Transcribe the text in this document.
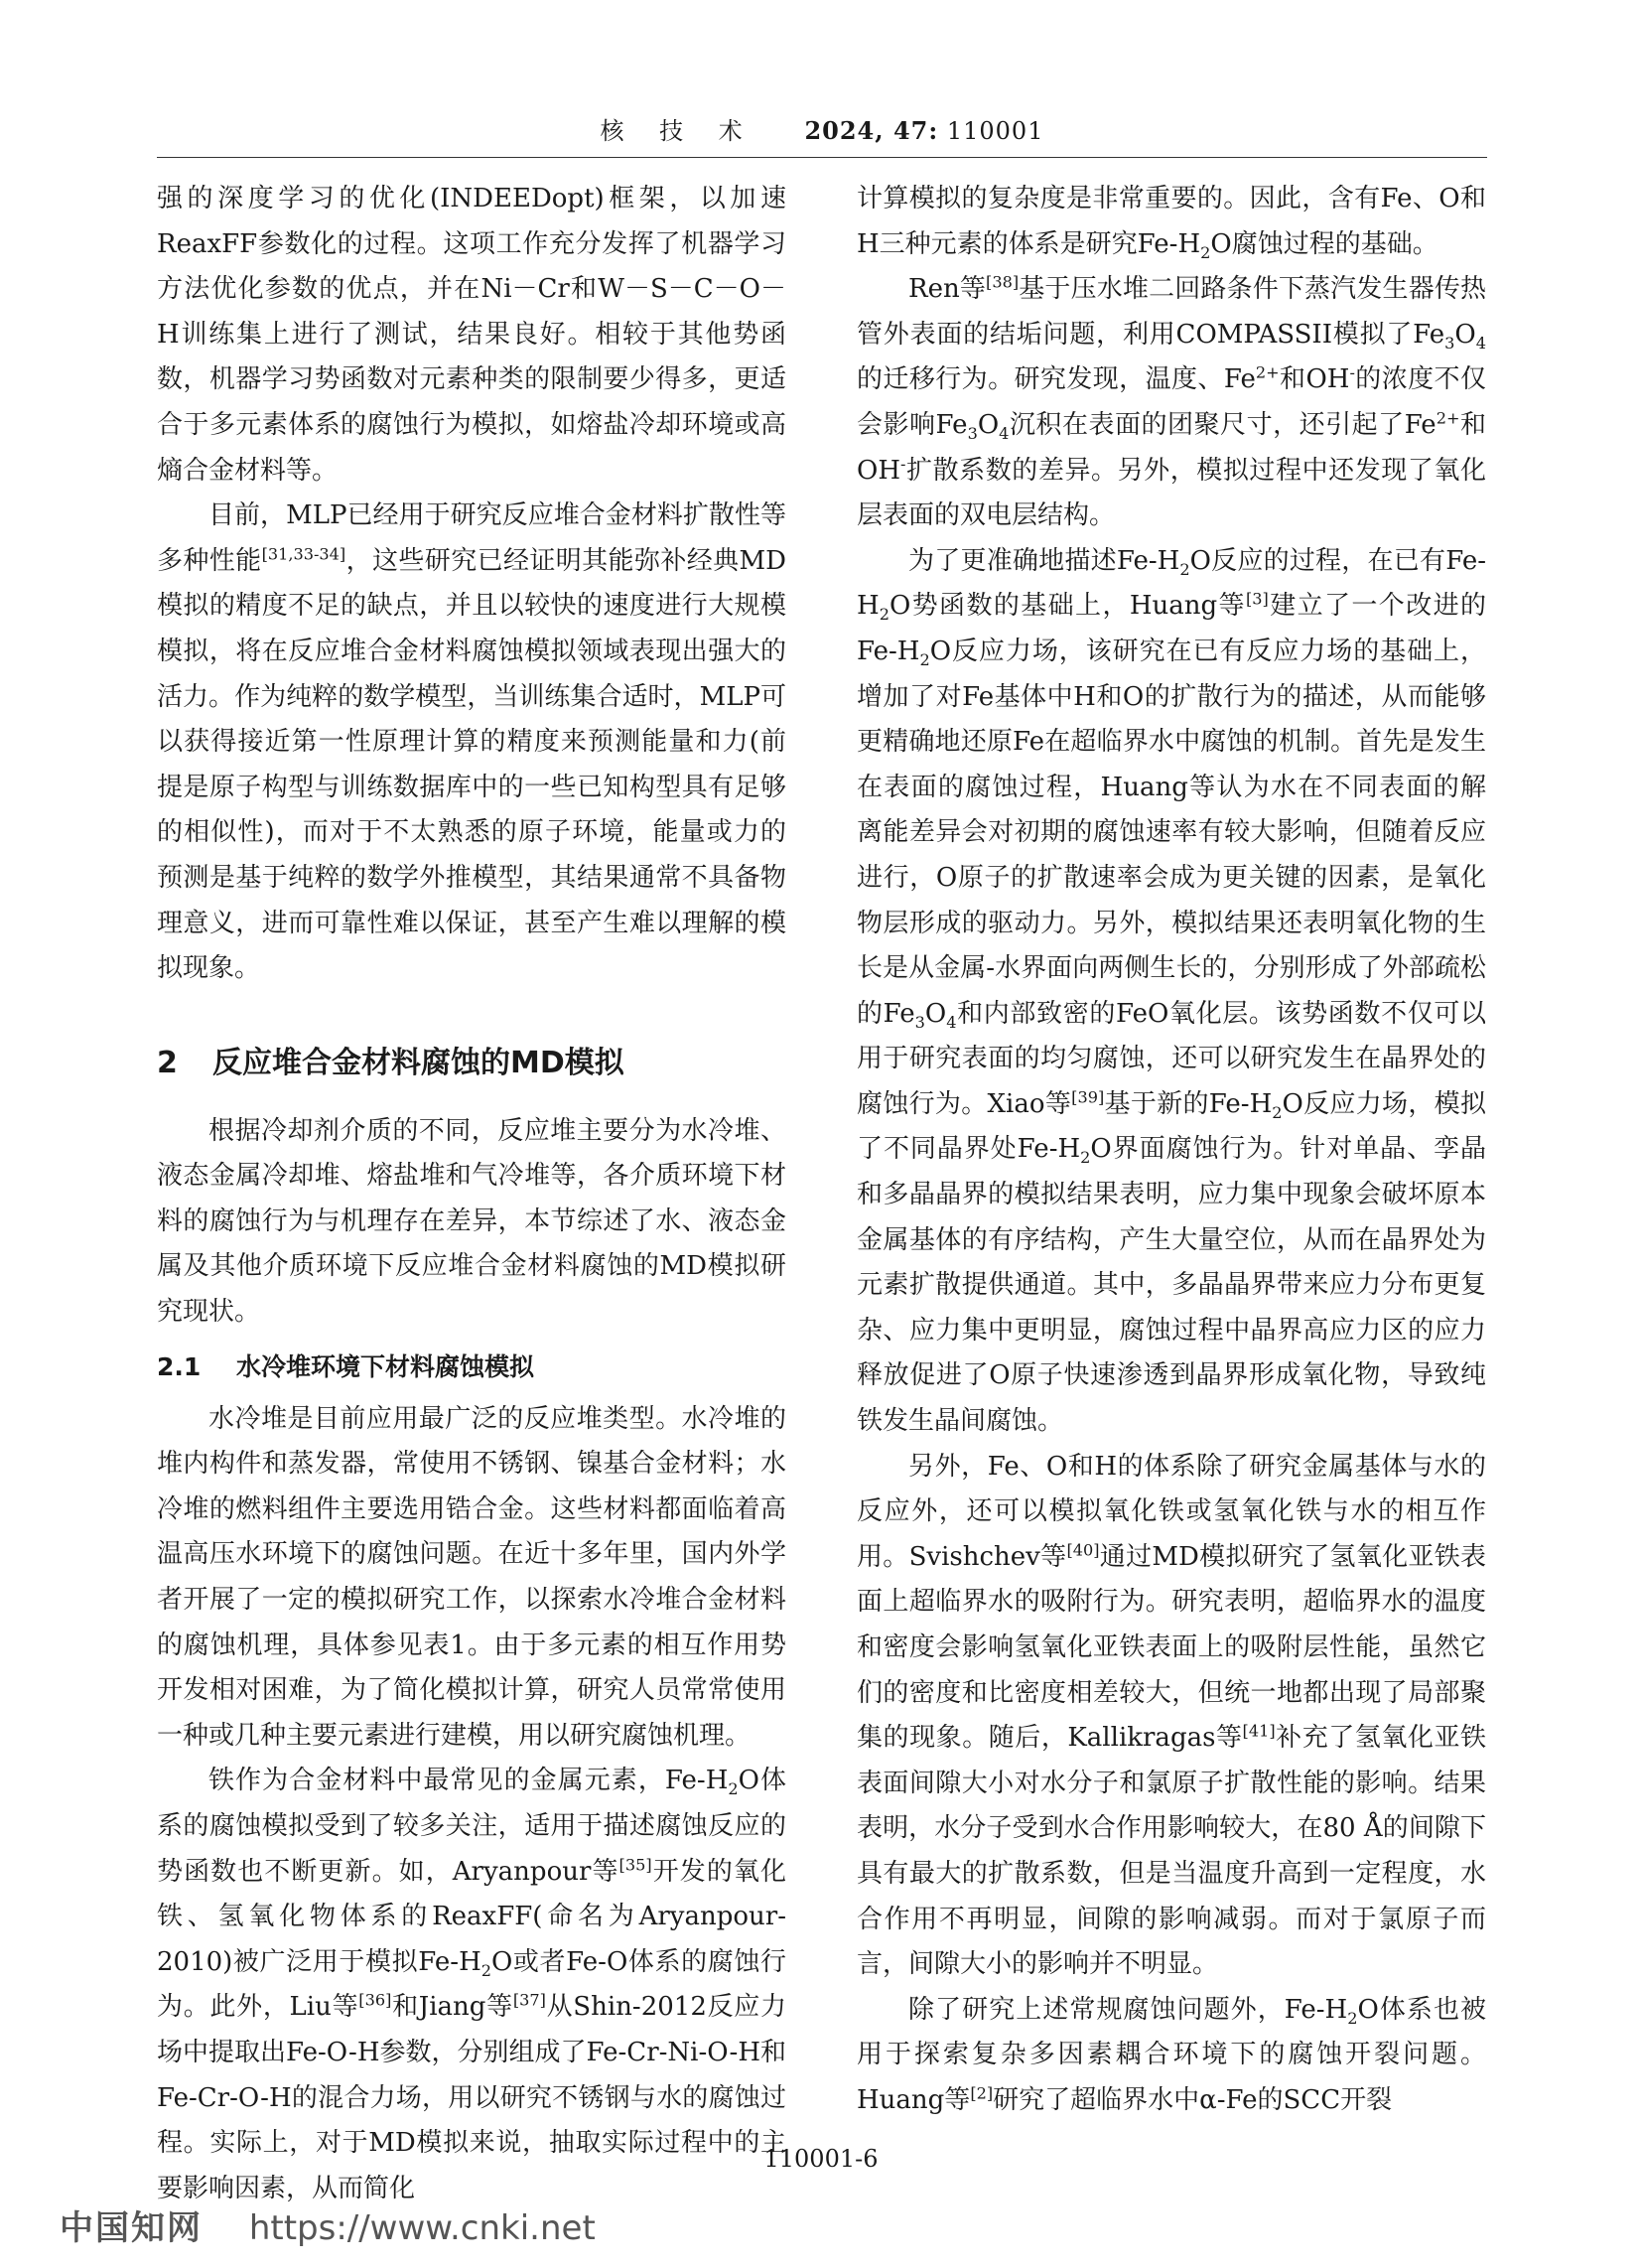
核 技 术 2024, 47: 110001

强的深度学习的优化(INDEEDopt)框架，以加速ReaxFF参数化的过程。这项工作充分发挥了机器学习方法优化参数的优点，并在Ni－Cr和W－S－C－O－H训练集上进行了测试，结果良好。相较于其他势函数，机器学习势函数对元素种类的限制要少得多，更适合于多元素体系的腐蚀行为模拟，如熔盐冷却环境或高熵合金材料等。

目前，MLP已经用于研究反应堆合金材料扩散性等多种性能[31,33-34]，这些研究已经证明其能弥补经典MD模拟的精度不足的缺点，并且以较快的速度进行大规模模拟，将在反应堆合金材料腐蚀模拟领域表现出强大的活力。作为纯粹的数学模型，当训练集合适时，MLP可以获得接近第一性原理计算的精度来预测能量和力(前提是原子构型与训练数据库中的一些已知构型具有足够的相似性)，而对于不太熟悉的原子环境，能量或力的预测是基于纯粹的数学外推模型，其结果通常不具备物理意义，进而可靠性难以保证，甚至产生难以理解的模拟现象。

2 反应堆合金材料腐蚀的MD模拟

根据冷却剂介质的不同，反应堆主要分为水冷堆、液态金属冷却堆、熔盐堆和气冷堆等，各介质环境下材料的腐蚀行为与机理存在差异，本节综述了水、液态金属及其他介质环境下反应堆合金材料腐蚀的MD模拟研究现状。

2.1 水冷堆环境下材料腐蚀模拟

水冷堆是目前应用最广泛的反应堆类型。水冷堆的堆内构件和蒸发器，常使用不锈钢、镍基合金材料；水冷堆的燃料组件主要选用锆合金。这些材料都面临着高温高压水环境下的腐蚀问题。在近十多年里，国内外学者开展了一定的模拟研究工作，以探索水冷堆合金材料的腐蚀机理，具体参见表1。由于多元素的相互作用势开发相对困难，为了简化模拟计算，研究人员常常使用一种或几种主要元素进行建模，用以研究腐蚀机理。

铁作为合金材料中最常见的金属元素，$Fe-H_2O$体系的腐蚀模拟受到了较多关注，适用于描述腐蚀反应的势函数也不断更新。如，Aryanpour等[35]开发的氧化铁、氢氧化物体系的ReaxFF(命名为Aryanpour-2010)被广泛用于模拟$Fe-H_2O$或者Fe-O体系的腐蚀行为。此外，Liu等[36]和Jiang等[37]从Shin-2012反应力场中提取出Fe-O-H参数，分别组成了Fe-Cr-Ni-O-H和Fe-Cr-O-H的混合力场，用以研究不锈钢与水的腐蚀过程。实际上，对于MD模拟来说，抽取实际过程中的主要影响因素，从而简化

计算模拟的复杂度是非常重要的。因此，含有Fe、O和H三种元素的体系是研究$Fe-H_2O$腐蚀过程的基础。

Ren等[38]基于压水堆二回路条件下蒸汽发生器传热管外表面的结垢问题，利用COMPASSII模拟了$Fe_3O_4$的迁移行为。研究发现，温度、$Fe^{2+}$和OH-的浓度不仅会影响$Fe_3O_4$沉积在表面的团聚尺寸，还引起了$Fe^{2+}$和OH-扩散系数的差异。另外，模拟过程中还发现了氧化层表面的双电层结构。

为了更准确地描述$Fe-H_2O$反应的过程，在已有$Fe-H_2O$势函数的基础上，Huang等[3]建立了一个改进的$Fe-H_2O$反应力场，该研究在已有反应力场的基础上，增加了对Fe基体中H和O的扩散行为的描述，从而能够更精确地还原Fe在超临界水中腐蚀的机制。首先是发生在表面的腐蚀过程，Huang等认为水在不同表面的解离能差异会对初期的腐蚀速率有较大影响，但随着反应进行，O原子的扩散速率会成为更关键的因素，是氧化物层形成的驱动力。另外，模拟结果还表明氧化物的生长是从金属-水界面向两侧生长的，分别形成了外部疏松的$Fe_3O_4$和内部致密的FeO氧化层。该势函数不仅可以用于研究表面的均匀腐蚀，还可以研究发生在晶界处的腐蚀行为。Xiao等[39]基于新的$Fe-H_2O$反应力场，模拟了不同晶界处$Fe-H_2O$界面腐蚀行为。针对单晶、孪晶和多晶晶界的模拟结果表明，应力集中现象会破坏原本金属基体的有序结构，产生大量空位，从而在晶界处为元素扩散提供通道。其中，多晶晶界带来应力分布更复杂、应力集中更明显，腐蚀过程中晶界高应力区的应力释放促进了O原子快速渗透到晶界形成氧化物，导致纯铁发生晶间腐蚀。

另外，Fe、O和H的体系除了研究金属基体与水的反应外，还可以模拟氧化铁或氢氧化铁与水的相互作用。Svishchev等[40]通过MD模拟研究了氢氧化亚铁表面上超临界水的吸附行为。研究表明，超临界水的温度和密度会影响氢氧化亚铁表面上的吸附层性能，虽然它们的密度和比密度相差较大，但统一地都出现了局部聚集的现象。随后，Kallikragas等[41]补充了氢氧化亚铁表面间隙大小对水分子和氯原子扩散性能的影响。结果表明，水分子受到水合作用影响较大，在80 Å的间隙下具有最大的扩散系数，但是当温度升高到一定程度，水合作用不再明显，间隙的影响减弱。而对于氯原子而言，间隙大小的影响并不明显。

除了研究上述常规腐蚀问题外，$Fe-H_2O$体系也被用于探索复杂多因素耦合环境下的腐蚀开裂问题。Huang等[2]研究了超临界水中α-Fe的SCC开裂

110001-6
中国知网 https://www.cnki.net
